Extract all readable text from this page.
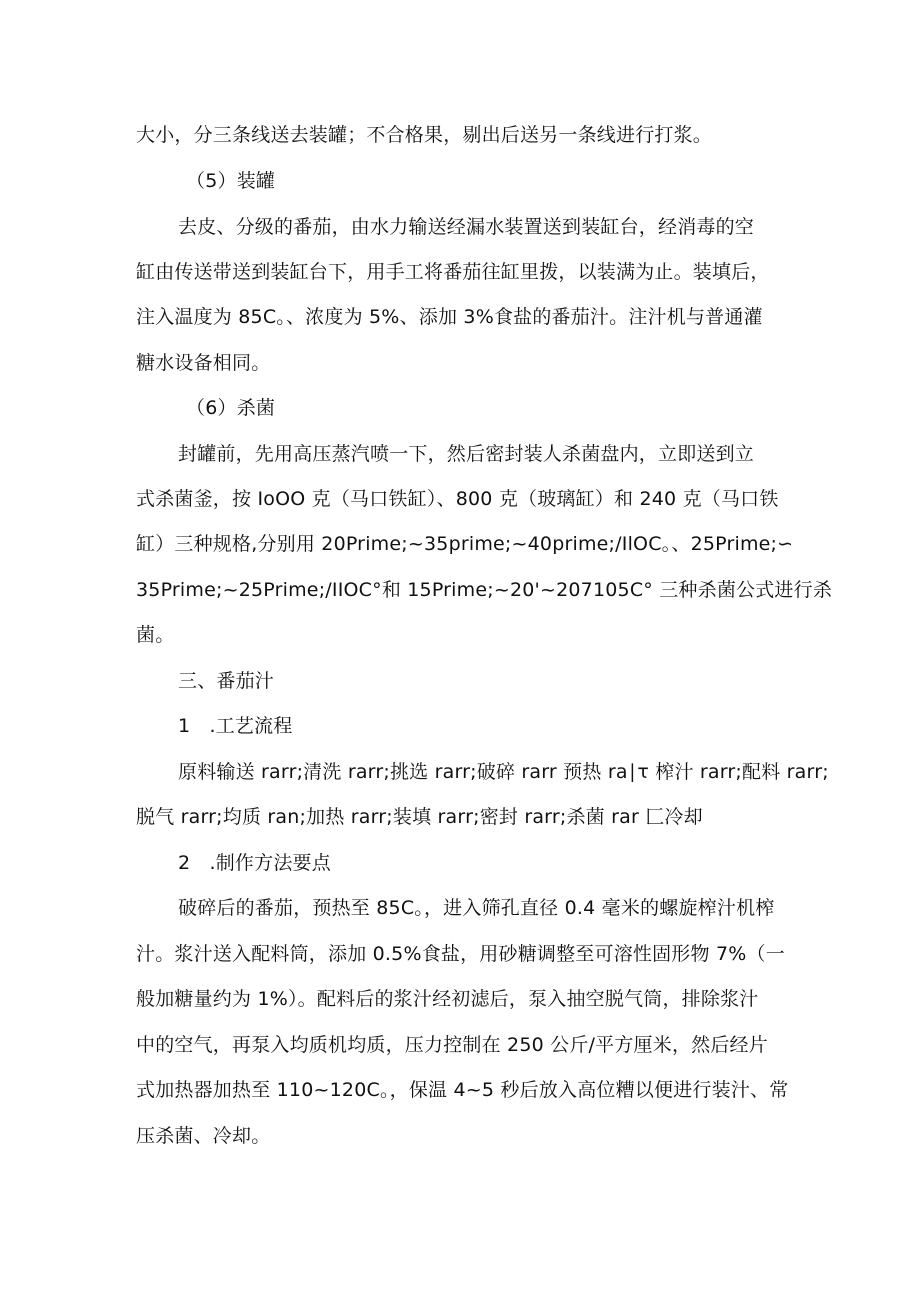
大小，分三条线送去装罐；不合格果，剔出后送另一条线进行打浆。
（5）装罐
去皮、分级的番茄，由水力输送经漏水装置送到装缸台，经消毒的空
缸由传送带送到装缸台下，用手工将番茄往缸里拨，以装满为止。装填后，
注入温度为 85C。、浓度为 5%、添加 3%食盐的番茄汁。注汁机与普通灌
糖水设备相同。
（6）杀菌
封罐前，先用高压蒸汽喷一下，然后密封装人杀菌盘内，立即送到立
式杀菌釜，按 IoOO 克（马口铁缸）、800 克（玻璃缸）和 240 克（马口铁
缸）三种规格,分别用 20Prime;~35prime;~40prime;/IlOC。、25Prime;∽
35Prime;~25Prime;/IIOC°和 15Prime;~20'~207105C° 三种杀菌公式进行杀
菌。
三、番茄汁
1　.工艺流程
原料输送 rarr;清洗 rarr;挑选 rarr;破碎 rarr 预热 ra∣τ 榨汁 rarr;配料 rarr;
脱气 rarr;均质 ran;加热 rarr;装填 rarr;密封 rarr;杀菌 rar 匚冷却
2　.制作方法要点
破碎后的番茄，预热至 85C。，进入筛孔直径 0.4 毫米的螺旋榨汁机榨
汁。浆汁送入配料筒，添加 0.5%食盐，用砂糖调整至可溶性固形物 7%（一
般加糖量约为 1%）。配料后的浆汁经初滤后，泵入抽空脱气筒，排除浆汁
中的空气，再泵入均质机均质，压力控制在 250 公斤/平方厘米，然后经片
式加热器加热至 110~120C。，保温 4~5 秒后放入高位糟以便进行装汁、常
压杀菌、冷却。
